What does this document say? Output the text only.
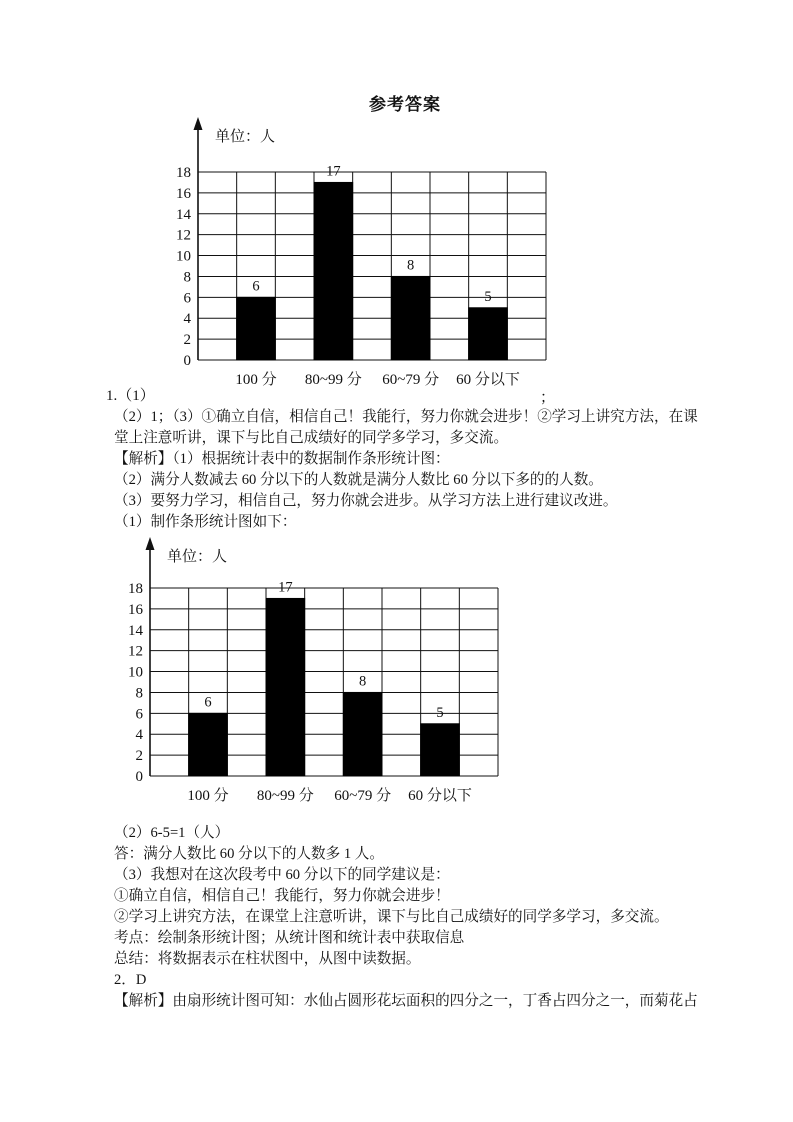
参考答案
1.（1）	；
单位：人
18
16
14
12
10
8
6
4
2
0
6
100 分
17
80~99 分
8
60~79 分
5
60 分以下
单位：人
18
16
14
12
10
8
6
4
2
0
6
100 分
17
80~99 分
8
60~79 分
5
60 分以下
（2）1；（3）①确立自信，相信自己！我能行，努力你就会进步！②学习上讲究方法，在课
堂上注意听讲，课下与比自己成绩好的同学多学习，多交流。
【解析】（1）根据统计表中的数据制作条形统计图：
（2）满分人数减去 60 分以下的人数就是满分人数比 60 分以下多的的人数。
（3）要努力学习，相信自己，努力你就会进步。从学习方法上进行建议改进。
（1）制作条形统计图如下：
（2）6-5=1（人）
答：满分人数比 60 分以下的人数多 1 人。
（3）我想对在这次段考中 60 分以下的同学建议是：
①确立自信，相信自己！我能行，努力你就会进步！
②学习上讲究方法，在课堂上注意听讲，课下与比自己成绩好的同学多学习，多交流。
考点：绘制条形统计图；从统计图和统计表中获取信息
总结：将数据表示在柱状图中，从图中读数据。
2．D
【解析】由扇形统计图可知：水仙占圆形花坛面积的四分之一，丁香占四分之一，而菊花占
